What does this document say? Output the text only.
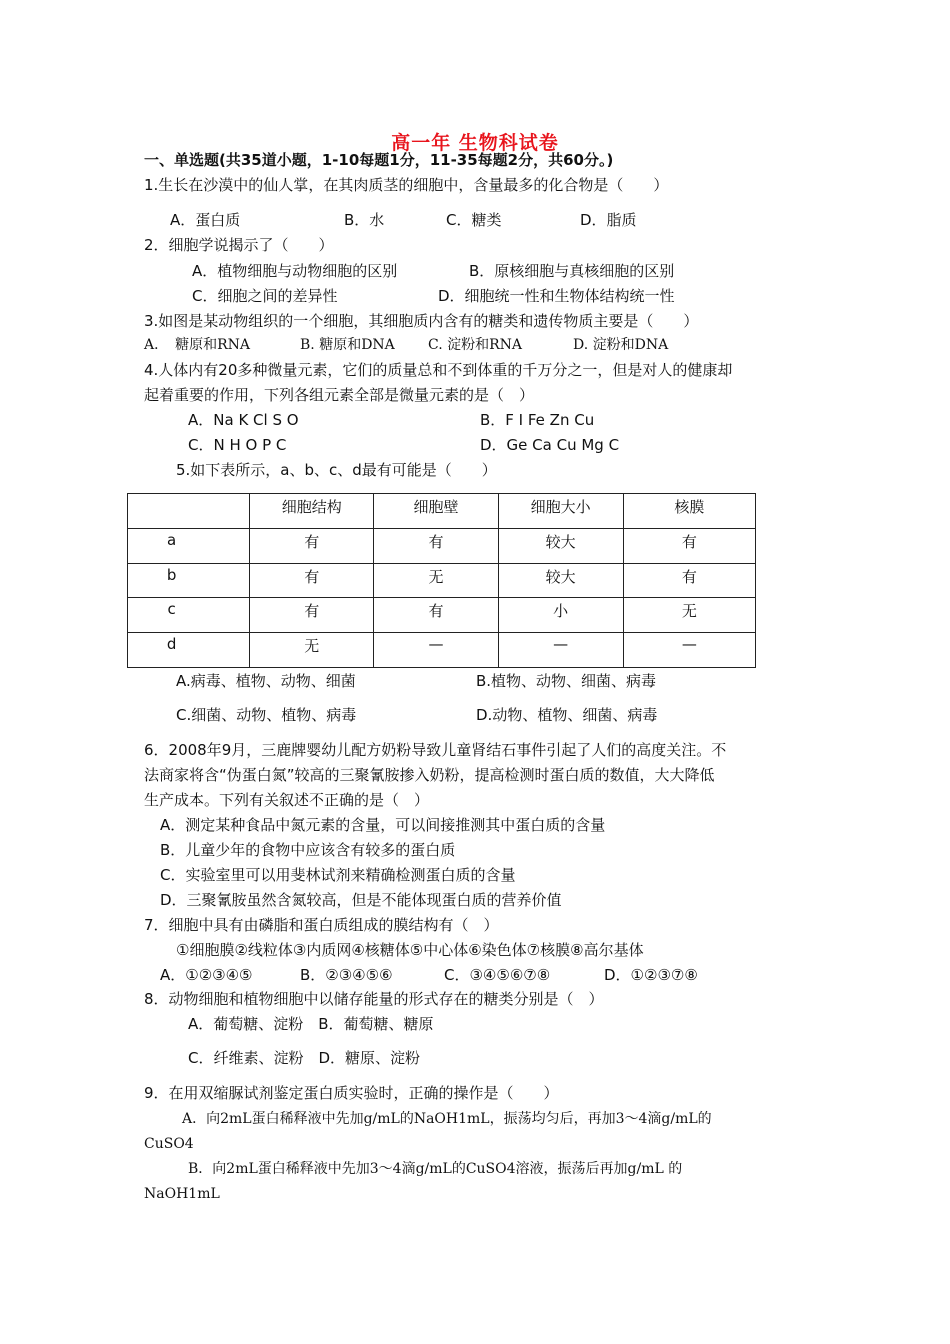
高一年 生物科试卷
一、单选题(共35道小题，1-10每题1分，11-35每题2分，共60分。)
1.生长在沙漠中的仙人掌，在其肉质茎的细胞中，含量最多的化合物是（　　）
A．蛋白质	B．水	C．糖类	D．脂质
2．细胞学说揭示了（　　）
A．植物细胞与动物细胞的区别	B．原核细胞与真核细胞的区别
C．细胞之间的差异性	D．细胞统一性和生物体结构统一性
3.如图是某动物组织的一个细胞，其细胞质内含有的糖类和遗传物质主要是（　　）
A．　糖原和RNA	B. 糖原和DNA C. 淀粉和RNA	D. 淀粉和DNA
4.人体内有20多种微量元素，它们的质量总和不到体重的千万分之一，但是对人的健康却
起着重要的作用，下列各组元素全部是微量元素的是（　）
A．Na K Cl S O	B．F I Fe Zn Cu
C．N H O P C	D．Ge Ca Cu Mg C
5.如下表所示，a、b、c、d最有可能是（　　）
	细胞结构	细胞壁	细胞大小	核膜
a	有	有	较大	有
b	有	无	较大	有
c	有	有	小	无
d	无	—	—	—
A.病毒、植物、动物、细菌	B.植物、动物、细菌、病毒
C.细菌、动物、植物、病毒	D.动物、植物、细菌、病毒
6．2008年9月，三鹿牌婴幼儿配方奶粉导致儿童肾结石事件引起了人们的高度关注。不
法商家将含“伪蛋白氮”较高的三聚氰胺掺入奶粉，提高检测时蛋白质的数值，大大降低
生产成本。下列有关叙述不正确的是（　）
A．测定某种食品中氮元素的含量，可以间接推测其中蛋白质的含量
B．儿童少年的食物中应该含有较多的蛋白质
C．实验室里可以用斐林试剂来精确检测蛋白质的含量
D．三聚氰胺虽然含氮较高，但是不能体现蛋白质的营养价值
7．细胞中具有由磷脂和蛋白质组成的膜结构有（　）
①细胞膜②线粒体③内质网④核糖体⑤中心体⑥染色体⑦核膜⑧高尔基体
A．①②③④⑤	B．②③④⑤⑥	C．③④⑤⑥⑦⑧	D．①②③⑦⑧
8．动物细胞和植物细胞中以储存能量的形式存在的糖类分别是（　）
A．葡萄糖、淀粉　B．葡萄糖、糖原
C．纤维素、淀粉　D．糖原、淀粉
9．在用双缩脲试剂鉴定蛋白质实验时，正确的操作是（　　）
A．向2mL蛋白稀释液中先加g/mL的NaOH1mL，振荡均匀后，再加3～4滴g/mL的
CuSO4
B．向2mL蛋白稀释液中先加3～4滴g/mL的CuSO4溶液，振荡后再加g/mL 的
NaOH1mL
